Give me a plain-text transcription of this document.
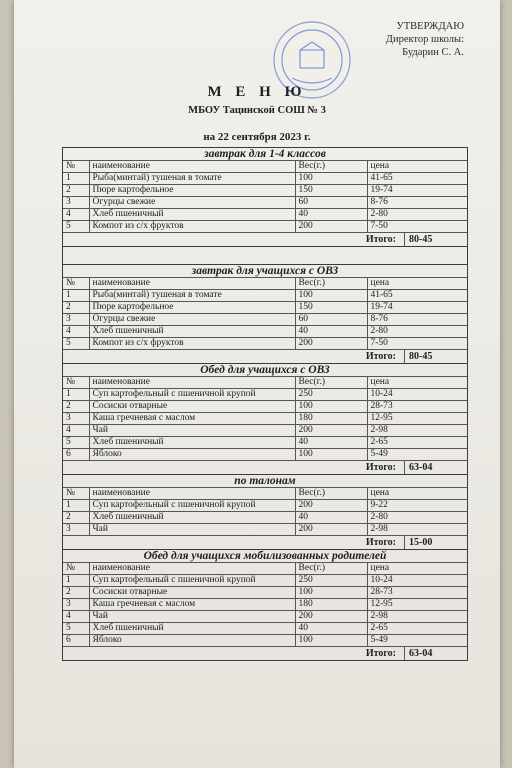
УТВЕРЖДАЮ
Директор школы:
Бударин С. А.
М Е Н Ю
МБОУ Тацинской СОШ № 3
на 22 сентября 2023 г.
завтрак для 1-4 классов
№	наименование	Вес(г.)	цена
1	Рыба(минтай) тушеная в томате	100	41-65
2	Пюре картофельное	150	19-74
3	Огурцы свежие	60	8-76
4	Хлеб пшеничный	40	2-80
5	Компот из с/х фруктов	200	7-50
Итого:	80-45
завтрак для учащихся с ОВЗ
№	наименование	Вес(г.)	цена
1	Рыба(минтай) тушеная в томате	100	41-65
2	Пюре картофельное	150	19-74
3	Огурцы свежие	60	8-76
4	Хлеб пшеничный	40	2-80
5	Компот из с/х фруктов	200	7-50
Итого:	80-45
Обед для учащихся с ОВЗ
№	наименование	Вес(г.)	цена
1	Суп картофельный с пшеничной крупой	250	10-24
2	Сосиски отварные	100	28-73
3	Каша гречневая с маслом	180	12-95
4	Чай	200	2-98
5	Хлеб пшеничный	40	2-65
6	Яблоко	100	5-49
Итого:	63-04
по талонам
№	наименование	Вес(г.)	цена
1	Суп картофельный с пшеничной крупой	200	9-22
2	Хлеб пшеничный	40	2-80
3	Чай	200	2-98
Итого:	15-00
Обед для учащихся мобилизованных родителей
№	наименование	Вес(г.)	цена
1	Суп картофельный с пшеничной крупой	250	10-24
2	Сосиски отварные	100	28-73
3	Каша гречневая с маслом	180	12-95
4	Чай	200	2-98
5	Хлеб пшеничный	40	2-65
6	Яблоко	100	5-49
Итого:	63-04
